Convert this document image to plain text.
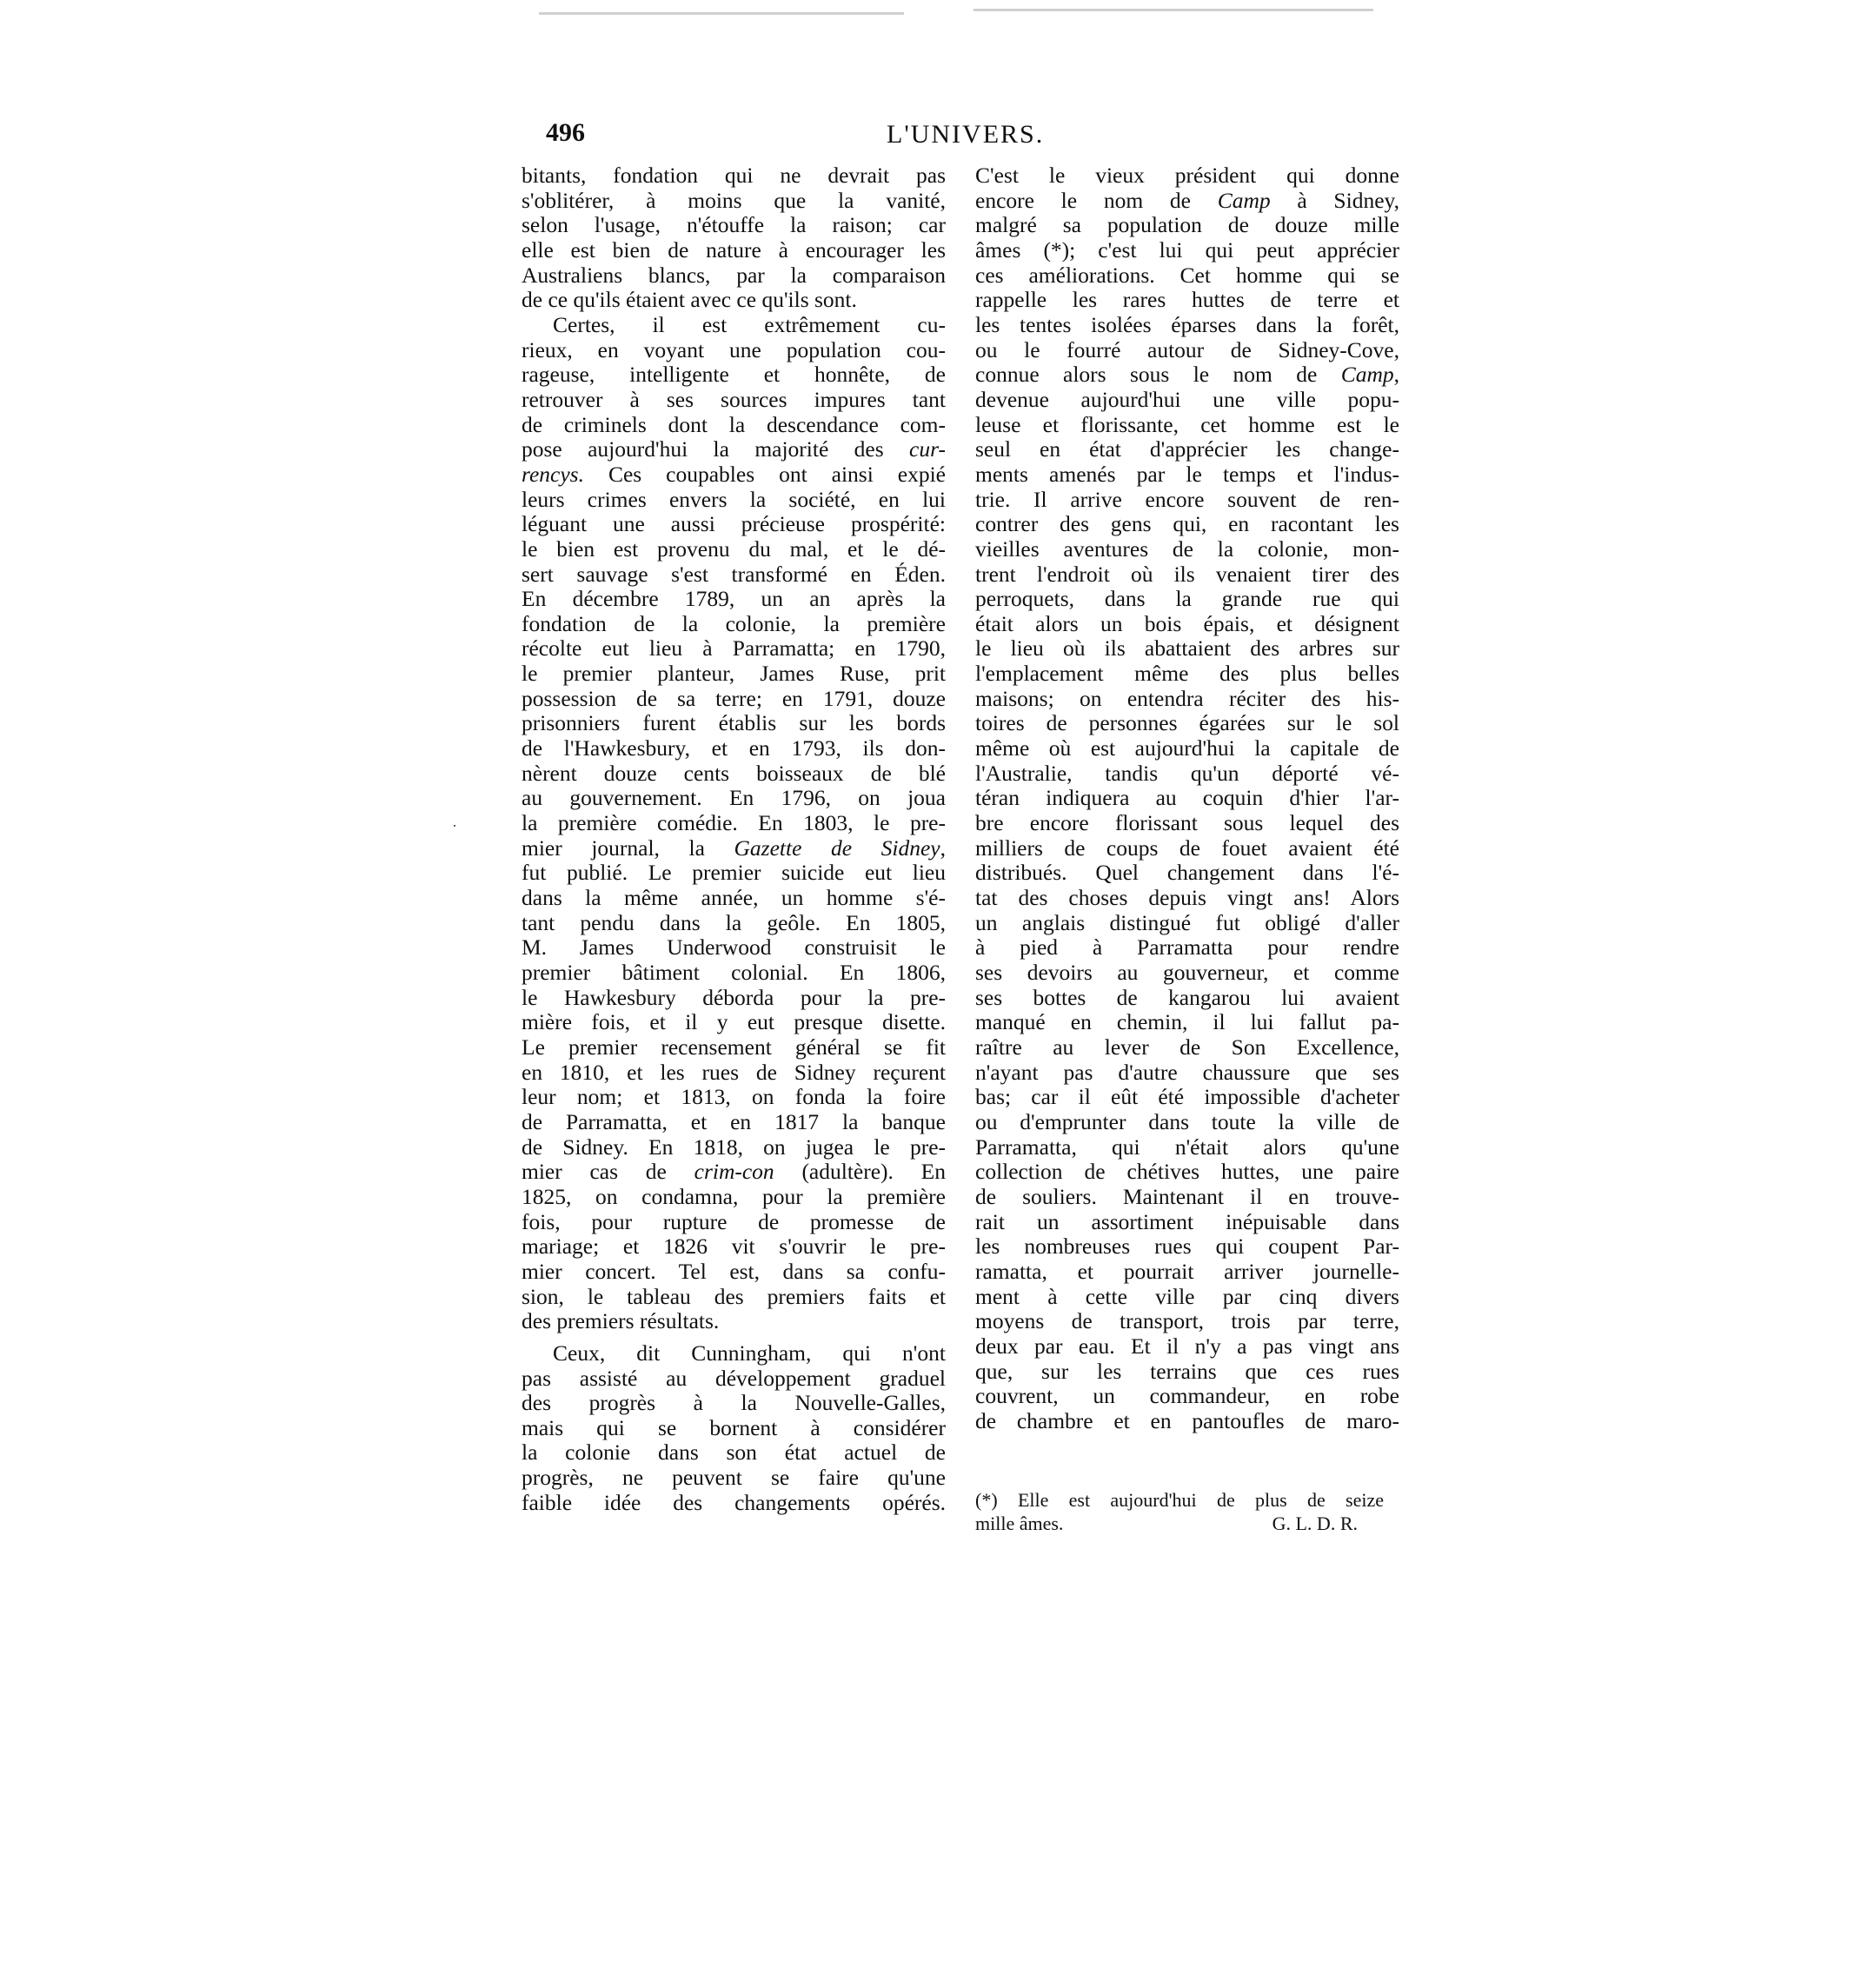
·
496	L'UNIVERS.
bitants, fondation qui ne devrait pas
s'oblitérer, à moins que la vanité,
selon l'usage, n'étouffe la raison; car
elle est bien de nature à encourager les
Australiens blancs, par la comparaison
de ce qu'ils étaient avec ce qu'ils sont.
Certes, il est extrêmement cu-
rieux, en voyant une population cou-
rageuse, intelligente et honnête, de
retrouver à ses sources impures tant
de criminels dont la descendance com-
pose aujourd'hui la majorité des cur-
rencys. Ces coupables ont ainsi expié
leurs crimes envers la société, en lui
léguant une aussi précieuse prospérité:
le bien est provenu du mal, et le dé-
sert sauvage s'est transformé en Éden.
En décembre 1789, un an après la
fondation de la colonie, la première
récolte eut lieu à Parramatta; en 1790,
le premier planteur, James Ruse, prit
possession de sa terre; en 1791, douze
prisonniers furent établis sur les bords
de l'Hawkesbury, et en 1793, ils don-
nèrent douze cents boisseaux de blé
au gouvernement. En 1796, on joua
la première comédie. En 1803, le pre-
mier journal, la Gazette de Sidney,
fut publié. Le premier suicide eut lieu
dans la même année, un homme s'é-
tant pendu dans la geôle. En 1805,
M. James Underwood construisit le
premier bâtiment colonial. En 1806,
le Hawkesbury déborda pour la pre-
mière fois, et il y eut presque disette.
Le premier recensement général se fit
en 1810, et les rues de Sidney reçurent
leur nom; et 1813, on fonda la foire
de Parramatta, et en 1817 la banque
de Sidney. En 1818, on jugea le pre-
mier cas de crim-con (adultère). En
1825, on condamna, pour la première
fois, pour rupture de promesse de
mariage; et 1826 vit s'ouvrir le pre-
mier concert. Tel est, dans sa confu-
sion, le tableau des premiers faits et
des premiers résultats.
Ceux, dit Cunningham, qui n'ont
pas assisté au développement graduel
des progrès à la Nouvelle-Galles,
mais qui se bornent à considérer
la colonie dans son état actuel de
progrès, ne peuvent se faire qu'une
faible idée des changements opérés.
C'est le vieux président qui donne
encore le nom de Camp à Sidney,
malgré sa population de douze mille
âmes (*); c'est lui qui peut apprécier
ces améliorations. Cet homme qui se
rappelle les rares huttes de terre et
les tentes isolées éparses dans la forêt,
ou le fourré autour de Sidney-Cove,
connue alors sous le nom de Camp,
devenue aujourd'hui une ville popu-
leuse et florissante, cet homme est le
seul en état d'apprécier les change-
ments amenés par le temps et l'indus-
trie. Il arrive encore souvent de ren-
contrer des gens qui, en racontant les
vieilles aventures de la colonie, mon-
trent l'endroit où ils venaient tirer des
perroquets, dans la grande rue qui
était alors un bois épais, et désignent
le lieu où ils abattaient des arbres sur
l'emplacement même des plus belles
maisons; on entendra réciter des his-
toires de personnes égarées sur le sol
même où est aujourd'hui la capitale de
l'Australie, tandis qu'un déporté vé-
téran indiquera au coquin d'hier l'ar-
bre encore florissant sous lequel des
milliers de coups de fouet avaient été
distribués. Quel changement dans l'é-
tat des choses depuis vingt ans! Alors
un anglais distingué fut obligé d'aller
à pied à Parramatta pour rendre
ses devoirs au gouverneur, et comme
ses bottes de kangarou lui avaient
manqué en chemin, il lui fallut pa-
raître au lever de Son Excellence,
n'ayant pas d'autre chaussure que ses
bas; car il eût été impossible d'acheter
ou d'emprunter dans toute la ville de
Parramatta, qui n'était alors qu'une
collection de chétives huttes, une paire
de souliers. Maintenant il en trouve-
rait un assortiment inépuisable dans
les nombreuses rues qui coupent Par-
ramatta, et pourrait arriver journelle-
ment à cette ville par cinq divers
moyens de transport, trois par terre,
deux par eau. Et il n'y a pas vingt ans
que, sur les terrains que ces rues
couvrent, un commandeur, en robe
de chambre et en pantoufles de maro-
(*) Elle est aujourd'hui de plus de seize
mille âmes.	G. L. D. R.
